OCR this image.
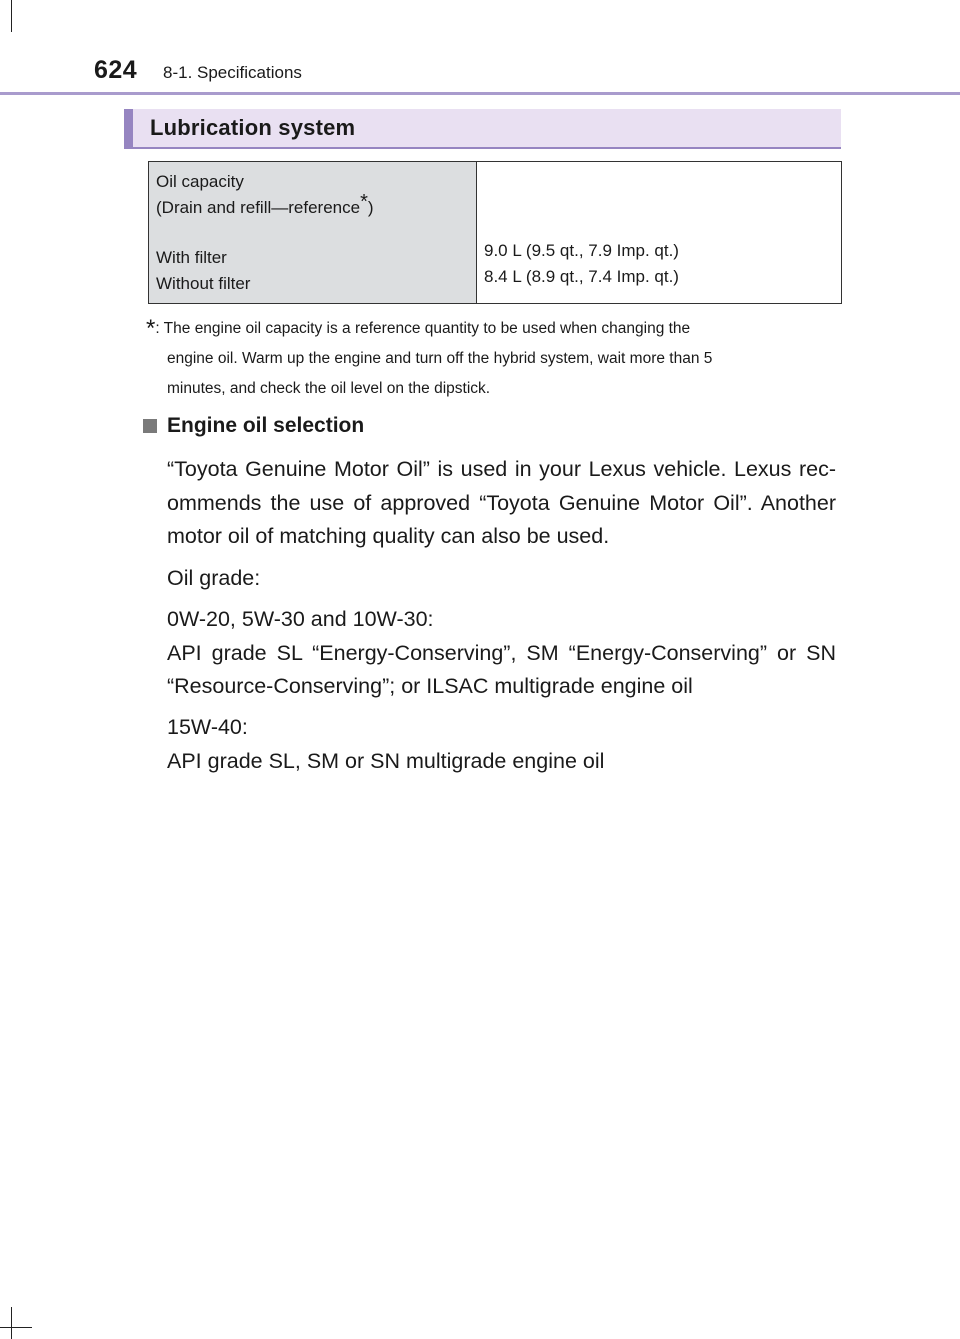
624 8-1. Specifications
Lubrication system
Oil capacity
(Drain and refill—reference*)
With filter
Without filter
9.0 L (9.5 qt., 7.9 Imp. qt.)
8.4 L (8.9 qt., 7.4 Imp. qt.)
*: The engine oil capacity is a reference quantity to be used when changing the
engine oil. Warm up the engine and turn off the hybrid system, wait more than 5
minutes, and check the oil level on the dipstick.
Engine oil selection

“Toyota Genuine Motor Oil” is used in your Lexus vehicle. Lexus rec-ommends the use of approved “Toyota Genuine Motor Oil”. Another motor oil of matching quality can also be used.

Oil grade:

0W-20, 5W-30 and 10W-30:

API grade SL “Energy-Conserving”, SM “Energy-Conserving” or SN “Resource-Conserving”; or ILSAC multigrade engine oil

15W-40:

API grade SL, SM or SN multigrade engine oil
